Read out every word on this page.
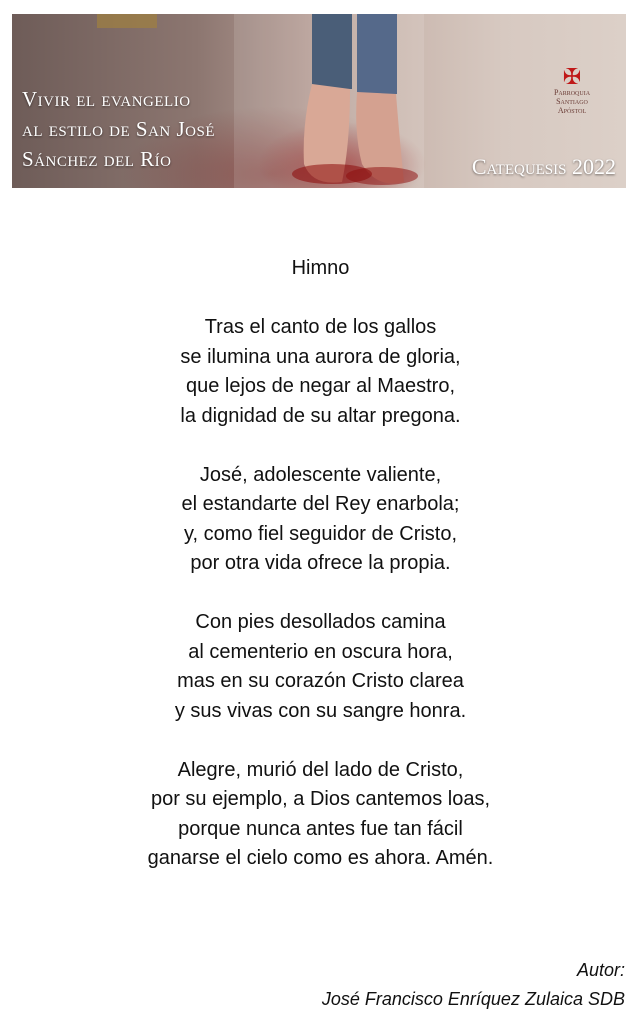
Vivir el evangelio
al estilo de San José
Sánchez del Río
✠
Parroquia
Santiago
Apóstol
Catequesis 2022
Himno
Tras el canto de los gallos
se ilumina una aurora de gloria,
que lejos de negar al Maestro,
la dignidad de su altar pregona.
José, adolescente valiente,
el estandarte del Rey enarbola;
y, como fiel seguidor de Cristo,
por otra vida ofrece la propia.
Con pies desollados camina
al cementerio en oscura hora,
mas en su corazón Cristo clarea
y sus vivas con su sangre honra.
Alegre, murió del lado de Cristo,
por su ejemplo, a Dios cantemos loas,
porque nunca antes fue tan fácil
ganarse el cielo como es ahora. Amén.
Autor:
José Francisco Enríquez Zulaica SDB
